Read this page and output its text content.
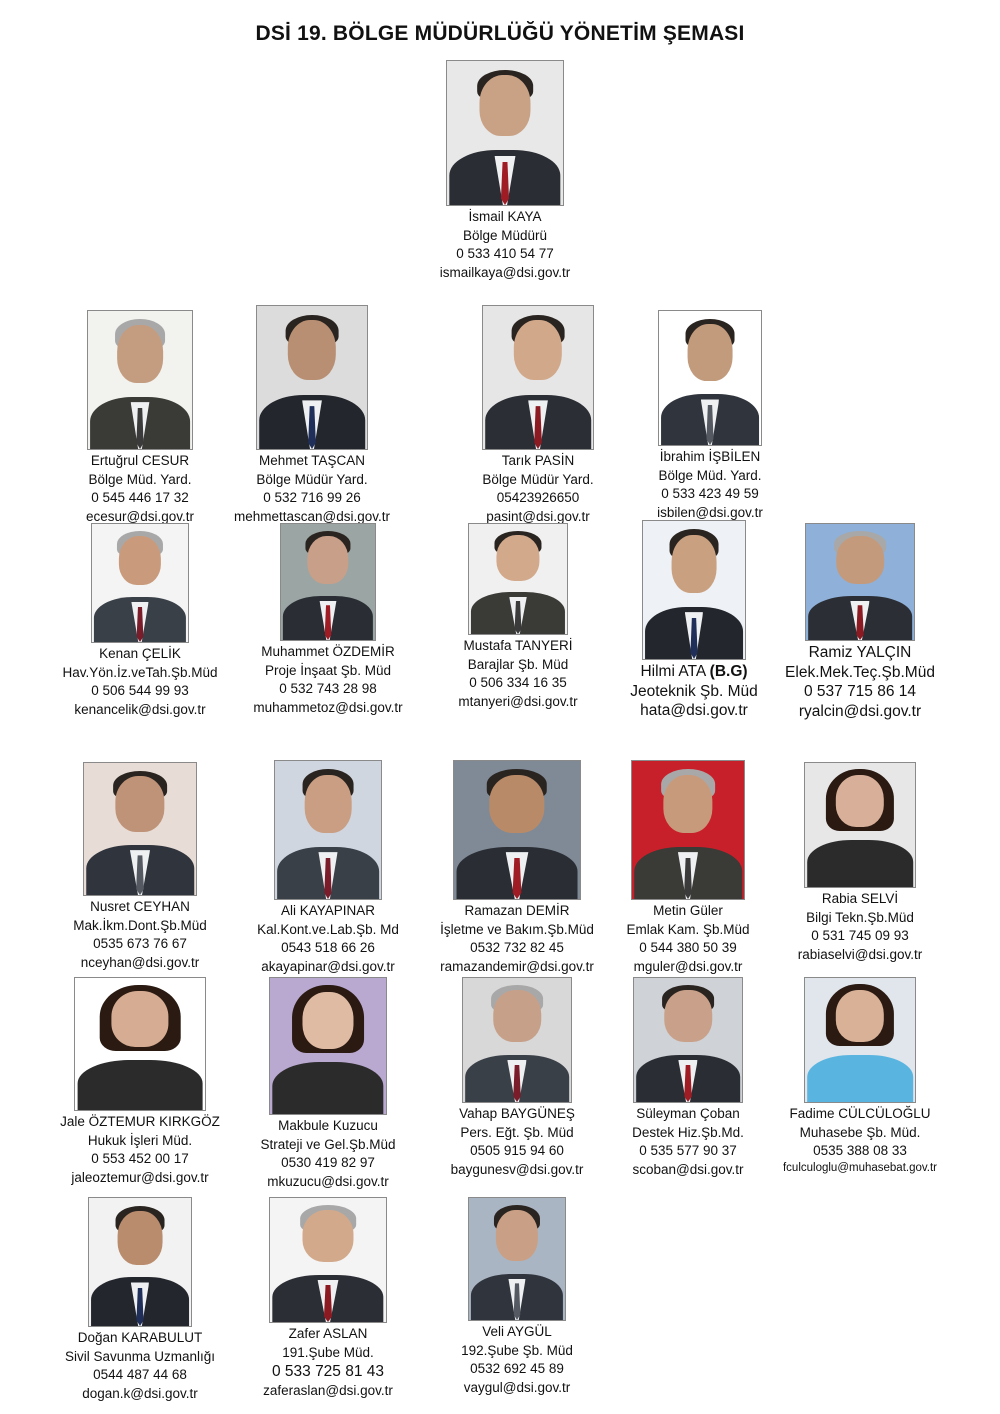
DSİ 19. BÖLGE MÜDÜRLÜĞÜ YÖNETİM ŞEMASI
İsmail KAYA
Bölge Müdürü
0 533 410 54 77
ismailkaya@dsi.gov.tr
Ertuğrul CESUR
Bölge Müd. Yard.
0 545 446 17 32
ecesur@dsi.gov.tr
Mehmet TAŞCAN
Bölge Müdür Yard.
0 532 716 99 26
mehmettascan@dsi.gov.tr
Tarık PASİN
Bölge Müdür Yard.
05423926650
pasint@dsi.gov.tr
İbrahim İŞBİLEN
Bölge Müd. Yard.
0 533 423 49 59
isbilen@dsi.gov.tr
Kenan ÇELİK
Hav.Yön.İz.veTah.Şb.Müd
0 506 544 99 93
kenancelik@dsi.gov.tr
Muhammet ÖZDEMİR
Proje İnşaat Şb. Müd
0 532 743 28 98
muhammetoz@dsi.gov.tr
Mustafa TANYERİ
Barajlar Şb. Müd
0 506 334 16 35
mtanyeri@dsi.gov.tr
Hilmi ATA (B.G)
Jeoteknik Şb. Müd
hata@dsi.gov.tr
Ramiz YALÇIN
Elek.Mek.Teç.Şb.Müd
0 537 715 86 14
ryalcin@dsi.gov.tr
Nusret CEYHAN
Mak.İkm.Dont.Şb.Müd
0535 673 76 67
nceyhan@dsi.gov.tr
Ali KAYAPINAR
Kal.Kont.ve.Lab.Şb. Md
0543 518 66 26
akayapinar@dsi.gov.tr
Ramazan DEMİR
İşletme ve Bakım.Şb.Müd
0532 732 82 45
ramazandemir@dsi.gov.tr
Metin Güler
Emlak Kam. Şb.Müd
0 544 380 50 39
mguler@dsi.gov.tr
Rabia SELVİ
Bilgi Tekn.Şb.Müd
0 531 745 09 93
rabiaselvi@dsi.gov.tr
Jale ÖZTEMUR KIRKGÖZ
Hukuk İşleri Müd.
0 553 452 00 17
jaleoztemur@dsi.gov.tr
Makbule Kuzucu
Strateji ve Gel.Şb.Müd
0530 419 82 97
mkuzucu@dsi.gov.tr
Vahap BAYGÜNEŞ
Pers. Eğt. Şb. Müd
0505 915 94 60
baygunesv@dsi.gov.tr
Süleyman Çoban
Destek Hiz.Şb.Md.
0 535 577 90 37
scoban@dsi.gov.tr
Fadime CÜLCÜLOĞLU
Muhasebe Şb. Müd.
0535 388 08 33
fculculoglu@muhasebat.gov.tr
Doğan KARABULUT
Sivil Savunma Uzmanlığı
0544 487 44 68
dogan.k@dsi.gov.tr
Zafer ASLAN
191.Şube Müd.
0 533 725 81 43
zaferaslan@dsi.gov.tr
Veli AYGÜL
192.Şube Şb. Müd
0532 692 45 89
vaygul@dsi.gov.tr
